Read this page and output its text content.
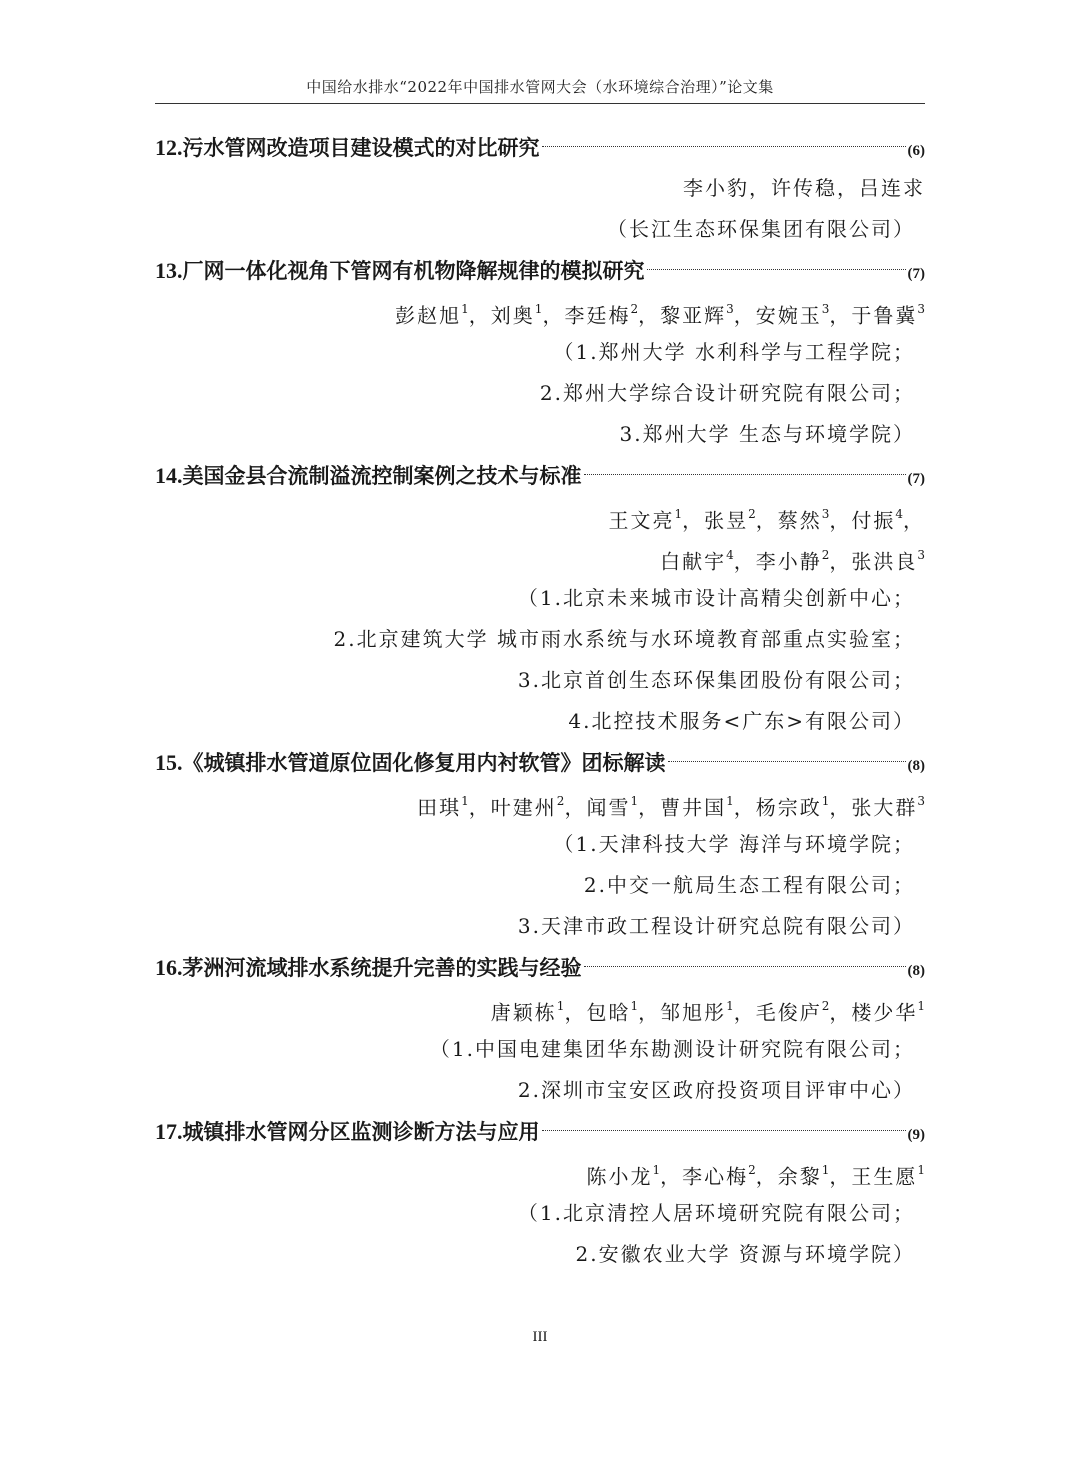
中国给水排水“2022年中国排水管网大会（水环境综合治理）”论文集
12.污水管网改造项目建设模式的对比研究	(6)
李小豹，许传稳，吕连求
（长江生态环保集团有限公司）
13.厂网一体化视角下管网有机物降解规律的模拟研究	(7)
彭赵旭$^1$，刘奥$^1$，李廷梅$^2$，黎亚辉$^3$，安婉玉$^3$，于鲁冀$^3$
（1.郑州大学 水利科学与工程学院；
2.郑州大学综合设计研究院有限公司；
3.郑州大学 生态与环境学院）
14.美国金县合流制溢流控制案例之技术与标准	(7)
王文亮$^1$，张昱$^2$，蔡然$^3$，付振$^4$，
白献宇$^4$，李小静$^2$，张洪良$^3$
（1.北京未来城市设计高精尖创新中心；
2.北京建筑大学 城市雨水系统与水环境教育部重点实验室；
3.北京首创生态环保集团股份有限公司；
4.北控技术服务<广东>有限公司）
15.《城镇排水管道原位固化修复用内衬软管》团标解读	(8)
田琪$^1$，叶建州$^2$，闻雪$^1$，曹井国$^1$，杨宗政$^1$，张大群$^3$
（1.天津科技大学 海洋与环境学院；
2.中交一航局生态工程有限公司；
3.天津市政工程设计研究总院有限公司）
16.茅洲河流域排水系统提升完善的实践与经验	(8)
唐颖栋$^1$，包晗$^1$，邹旭彤$^1$，毛俊庐$^2$，楼少华$^1$
（1.中国电建集团华东勘测设计研究院有限公司；
2.深圳市宝安区政府投资项目评审中心）
17.城镇排水管网分区监测诊断方法与应用	(9)
陈小龙$^1$，李心梅$^2$，余黎$^1$，王生愿$^1$
（1.北京清控人居环境研究院有限公司；
2.安徽农业大学 资源与环境学院）
III
